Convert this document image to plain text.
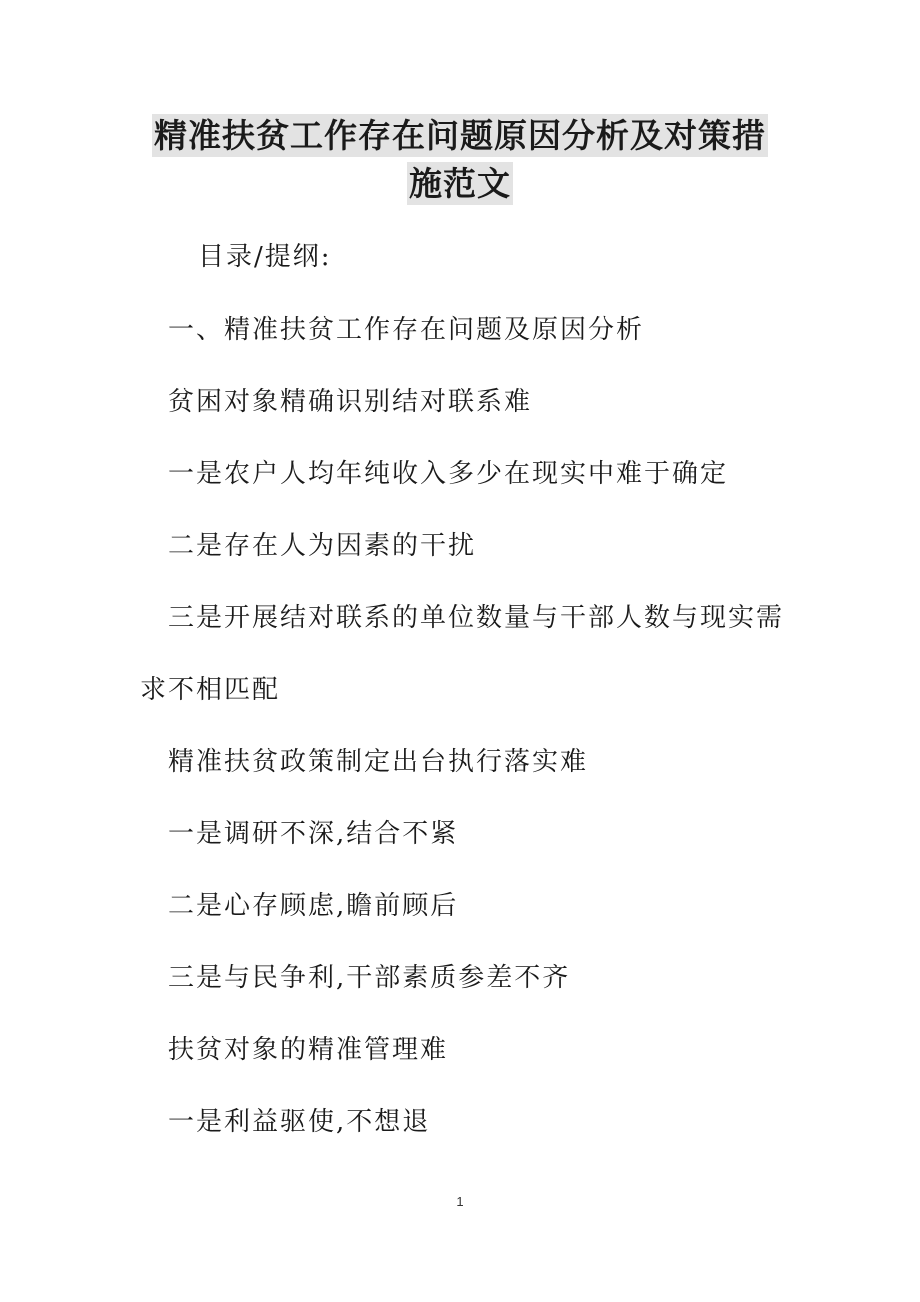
精准扶贫工作存在问题原因分析及对策措
施范文
目录/提纲:
一、精准扶贫工作存在问题及原因分析
贫困对象精确识别结对联系难
一是农户人均年纯收入多少在现实中难于确定
二是存在人为因素的干扰
三是开展结对联系的单位数量与干部人数与现实需
求不相匹配
精准扶贫政策制定出台执行落实难
一是调研不深,结合不紧
二是心存顾虑,瞻前顾后
三是与民争利,干部素质参差不齐
扶贫对象的精准管理难
一是利益驱使,不想退
1
